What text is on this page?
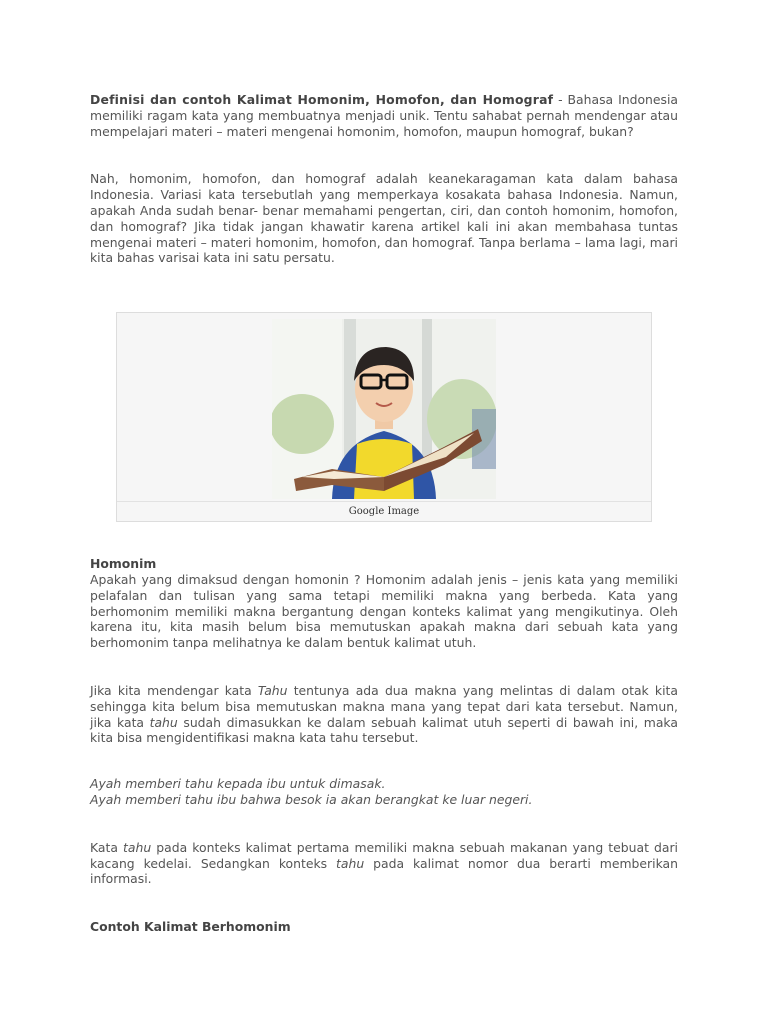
Definisi dan contoh Kalimat Homonim, Homofon, dan Homograf - Bahasa Indonesia memiliki ragam kata yang membuatnya menjadi unik. Tentu sahabat pernah mendengar atau mempelajari materi – materi mengenai homonim, homofon, maupun homograf, bukan?

Nah, homonim, homofon, dan homograf adalah keanekaragaman kata dalam bahasa Indonesia. Variasi kata tersebutlah yang memperkaya kosakata bahasa Indonesia. Namun, apakah Anda sudah benar- benar memahami pengertan, ciri, dan contoh homonim, homofon, dan homograf? Jika tidak jangan khawatir karena artikel kali ini akan membahasa tuntas mengenai materi – materi homonim, homofon, dan homograf. Tanpa berlama – lama lagi, mari kita bahas varisai kata ini satu persatu.

Google Image

Homonim

Apakah yang dimaksud dengan homonin ? Homonim adalah jenis – jenis kata yang memiliki pelafalan dan tulisan yang sama tetapi memiliki makna yang berbeda. Kata yang berhomonim memiliki makna bergantung dengan konteks kalimat yang mengikutinya. Oleh karena itu, kita masih belum bisa memutuskan apakah makna dari sebuah kata yang berhomonim tanpa melihatnya ke dalam bentuk kalimat utuh.

Jika kita mendengar kata Tahu tentunya ada dua makna yang melintas di dalam otak kita sehingga kita belum bisa memutuskan makna mana yang tepat dari kata tersebut. Namun, jika kata tahu sudah dimasukkan ke dalam sebuah kalimat utuh seperti di bawah ini, maka kita bisa mengidentifikasi makna kata tahu tersebut.

Ayah memberi tahu kepada ibu untuk dimasak.

Ayah memberi tahu ibu bahwa besok ia akan berangkat ke luar negeri.

Kata tahu pada konteks kalimat pertama memiliki makna sebuah makanan yang tebuat dari kacang kedelai. Sedangkan konteks tahu pada kalimat nomor dua berarti memberikan informasi.

Contoh Kalimat Berhomonim
